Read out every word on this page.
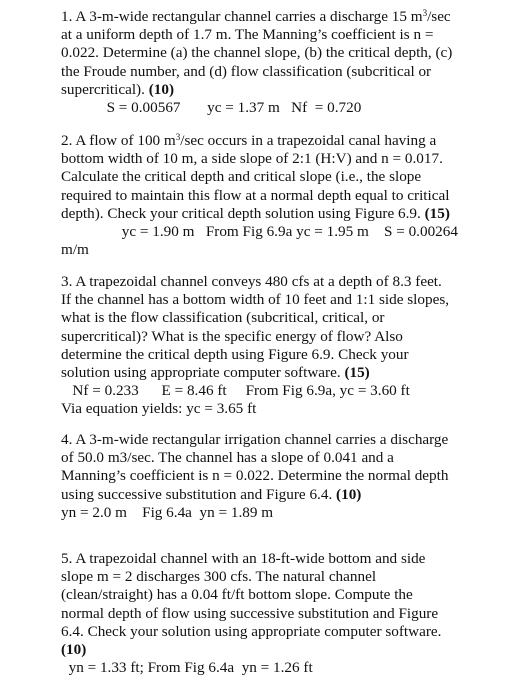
1. A 3-m-wide rectangular channel carries a discharge 15 $m^3/\sec$
at a uniform depth of 1.7 m. The Manning’s coefficient is n =
0.022. Determine (a) the channel slope, (b) the critical depth, (c)
the Froude number, and (d) flow classification (subcritical or
supercritical). (10)
S = 0.00567       yc = 1.37 m   Nf  = 0.720
2. A flow of 100 $m^3/\sec$ occurs in a trapezoidal canal having a
bottom width of 10 m, a side slope of 2:1 (H:V) and n = 0.017.
Calculate the critical depth and critical slope (i.e., the slope
required to maintain this flow at a normal depth equal to critical
depth). Check your critical depth solution using Figure 6.9. (15)
yc = 1.90 m   From Fig 6.9a yc = 1.95 m    S = 0.00264
m/m
3. A trapezoidal channel conveys 480 cfs at a depth of 8.3 feet.
If the channel has a bottom width of 10 feet and 1:1 side slopes,
what is the flow classification (subcritical, critical, or
supercritical)? What is the specific energy of flow? Also
determine the critical depth using Figure 6.9. Check your
solution using appropriate computer software. (15)
Nf = 0.233      E = 8.46 ft     From Fig 6.9a, yc = 3.60 ft
Via equation yields: yc = 3.65 ft
4. A 3-m-wide rectangular irrigation channel carries a discharge
of 50.0 m3/sec. The channel has a slope of 0.041 and a
Manning’s coefficient is n = 0.022. Determine the normal depth
using successive substitution and Figure 6.4. (10)
yn = 2.0 m    Fig 6.4a  yn = 1.89 m
5. A trapezoidal channel with an 18-ft-wide bottom and side
slope m = 2 discharges 300 cfs. The natural channel
(clean/straight) has a 0.04 ft/ft bottom slope. Compute the
normal depth of flow using successive substitution and Figure
6.4. Check your solution using appropriate computer software.
(10)
yn = 1.33 ft; From Fig 6.4a  yn = 1.26 ft
